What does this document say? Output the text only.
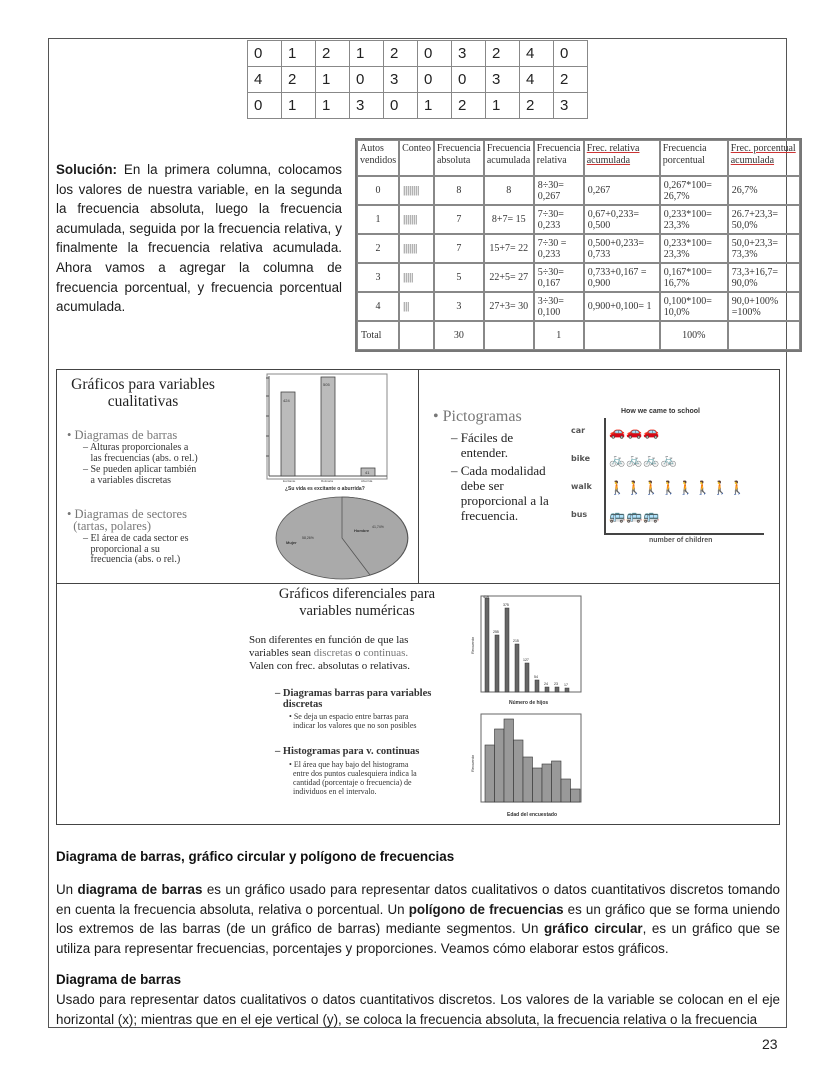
0	1	2	1	2	0	3	2	4	0
4	2	1	0	3	0	0	3	4	2
0	1	1	3	0	1	2	1	2	3
Solución: En la primera columna, colocamos los valores de nuestra variable, en la segunda la frecuencia absoluta, luego la frecuencia acumulada, seguida por la frecuencia relativa, y finalmente la frecuencia relativa acumulada. Ahora vamos a agregar la columna de frecuencia porcentual, y frecuencia porcentual acumulada.
Autos vendidos	Conteo	Frecuencia absoluta	Frecuencia acumulada	Frecuencia relativa	Frec. relativa acumulada	Frecuencia porcentual	Frec. porcentual acumulada
0	||||||||	8	8	8÷30= 0,267	0,267	0,267*100= 26,7%	26,7%
1	|||||||	7	8+7= 15	7÷30= 0,233	0,67+0,233= 0,500	0,233*100= 23,3%	26.7+23,3= 50,0%
2	|||||||	7	15+7= 22	7÷30 = 0,233	0,500+0,233= 0,733	0,233*100= 23,3%	50,0+23,3= 73,3%
3	|||||	5	22+5= 27	5÷30= 0,167	0,733+0,167 = 0,900	0,167*100= 16,7%	73,3+16,7= 90,0%
4	|||	3	27+3= 30	3÷30= 0,100	0,900+0,100= 1	0,100*100= 10,0%	90,0+100% =100%
Total		30		1		100%	
Gráficos para variables
cualitativas
• Diagramas de barras
– Alturas proporcionales a
las frecuencias (abs. o rel.)
– Se pueden aplicar también
a variables discretas
• Diagramas de sectores
(tartas, polares)
– El área de cada sector es
proporcional a su
frecuencia (abs. o rel.)
424
505
41
Excitante	Rutinaria	Aburrida
¿Su vida es excitante o aburrida?
Mujer
Hombre
58,26%
41,74%
• Pictogramas
– Fáciles de
entender.
– Cada modalidad
debe ser
proporcional a la
frecuencia.
How we came to school
car 🚗🚗🚗
bike 🚲🚲🚲🚲
walk 🚶🚶🚶🚶🚶🚶🚶🚶
bus 🚌🚌🚌
number of children
Gráficos diferenciales para
variables numéricas
Son diferentes en función de que las
variables sean discretas o continuas.
Valen con frec. absolutas o relativas.
– Diagramas barras para variables
discretas
• Se deja un espacio entre barras para
indicar los valores que no son posibles
– Histogramas para v. continuas
• El área que hay bajo del histograma
entre dos puntos cualesquiera indica la
cantidad (porcentaje o frecuencia) de
individuos en el intervalo.
Recuento
419
255
375
215
127
54
24 23 17
Número de hijos
Recuento
Edad del encuestado
Diagrama de barras, gráfico circular y polígono de frecuencias
Un diagrama de barras es un gráfico usado para representar datos cualitativos o datos cuantitativos discretos tomando en cuenta la frecuencia absoluta, relativa o porcentual. Un polígono de frecuencias es un gráfico que se forma uniendo los extremos de las barras (de un gráfico de barras) mediante segmentos. Un gráfico circular, es un gráfico que se utiliza para representar frecuencias, porcentajes y proporciones. Veamos cómo elaborar estos gráficos.
Diagrama de barras
Usado para representar datos cualitativos o datos cuantitativos discretos. Los valores de la variable se colocan en el eje horizontal (x); mientras que en el eje vertical (y), se coloca la frecuencia absoluta, la frecuencia relativa o la frecuencia
23
